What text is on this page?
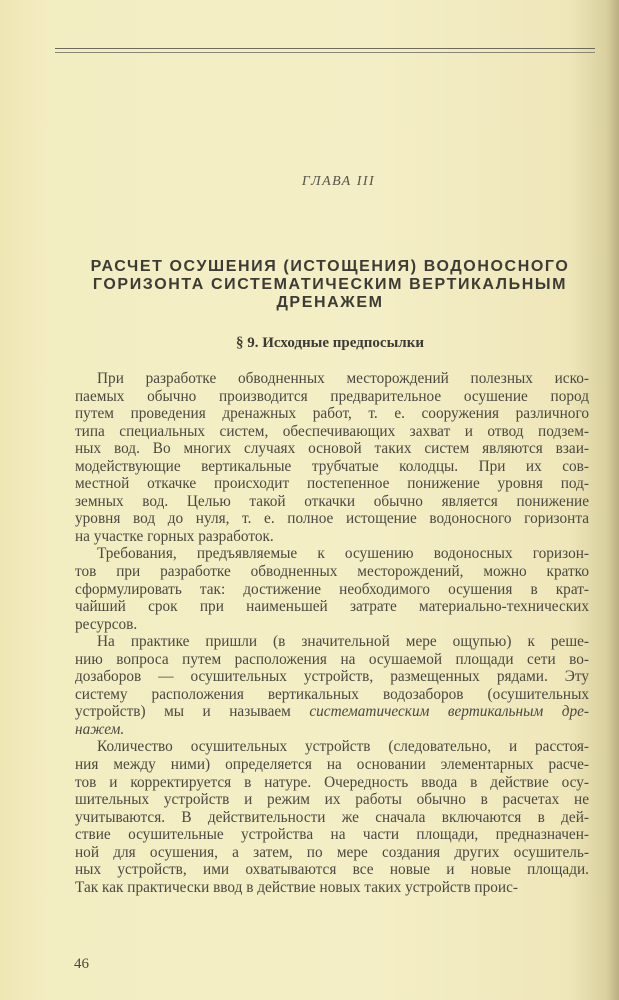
ГЛАВА III
РАСЧЕТ ОСУШЕНИЯ (ИСТОЩЕНИЯ) ВОДОНОСНОГО
ГОРИЗОНТА СИСТЕМАТИЧЕСКИМ ВЕРТИКАЛЬНЫМ
ДРЕНАЖЕМ
§ 9. Исходные предпосылки
При разработке обводненных месторождений полезных иско-
паемых обычно производится предварительное осушение пород
путем проведения дренажных работ, т. е. сооружения различного
типа специальных систем, обеспечивающих захват и отвод подзем-
ных вод. Во многих случаях основой таких систем являются взаи-
модействующие вертикальные трубчатые колодцы. При их сов-
местной откачке происходит постепенное понижение уровня под-
земных вод. Целью такой откачки обычно является понижение
уровня вод до нуля, т. е. полное истощение водоносного горизонта
на участке горных разработок.
Требования, предъявляемые к осушению водоносных горизон-
тов при разработке обводненных месторождений, можно кратко
сформулировать так: достижение необходимого осушения в крат-
чайший срок при наименьшей затрате материально-технических
ресурсов.
На практике пришли (в значительной мере ощупью) к реше-
нию вопроса путем расположения на осушаемой площади сети во-
дозаборов — осушительных устройств, размещенных рядами. Эту
систему расположения вертикальных водозаборов (осушительных
устройств) мы и называем систематическим вертикальным дре-
нажем.
Количество осушительных устройств (следовательно, и расстоя-
ния между ними) определяется на основании элементарных расче-
тов и корректируется в натуре. Очередность ввода в действие осу-
шительных устройств и режим их работы обычно в расчетах не
учитываются. В действительности же сначала включаются в дей-
ствие осушительные устройства на части площади, предназначен-
ной для осушения, а затем, по мере создания других осушитель-
ных устройств, ими охватываются все новые и новые площади.
Так как практически ввод в действие новых таких устройств проис-
46
